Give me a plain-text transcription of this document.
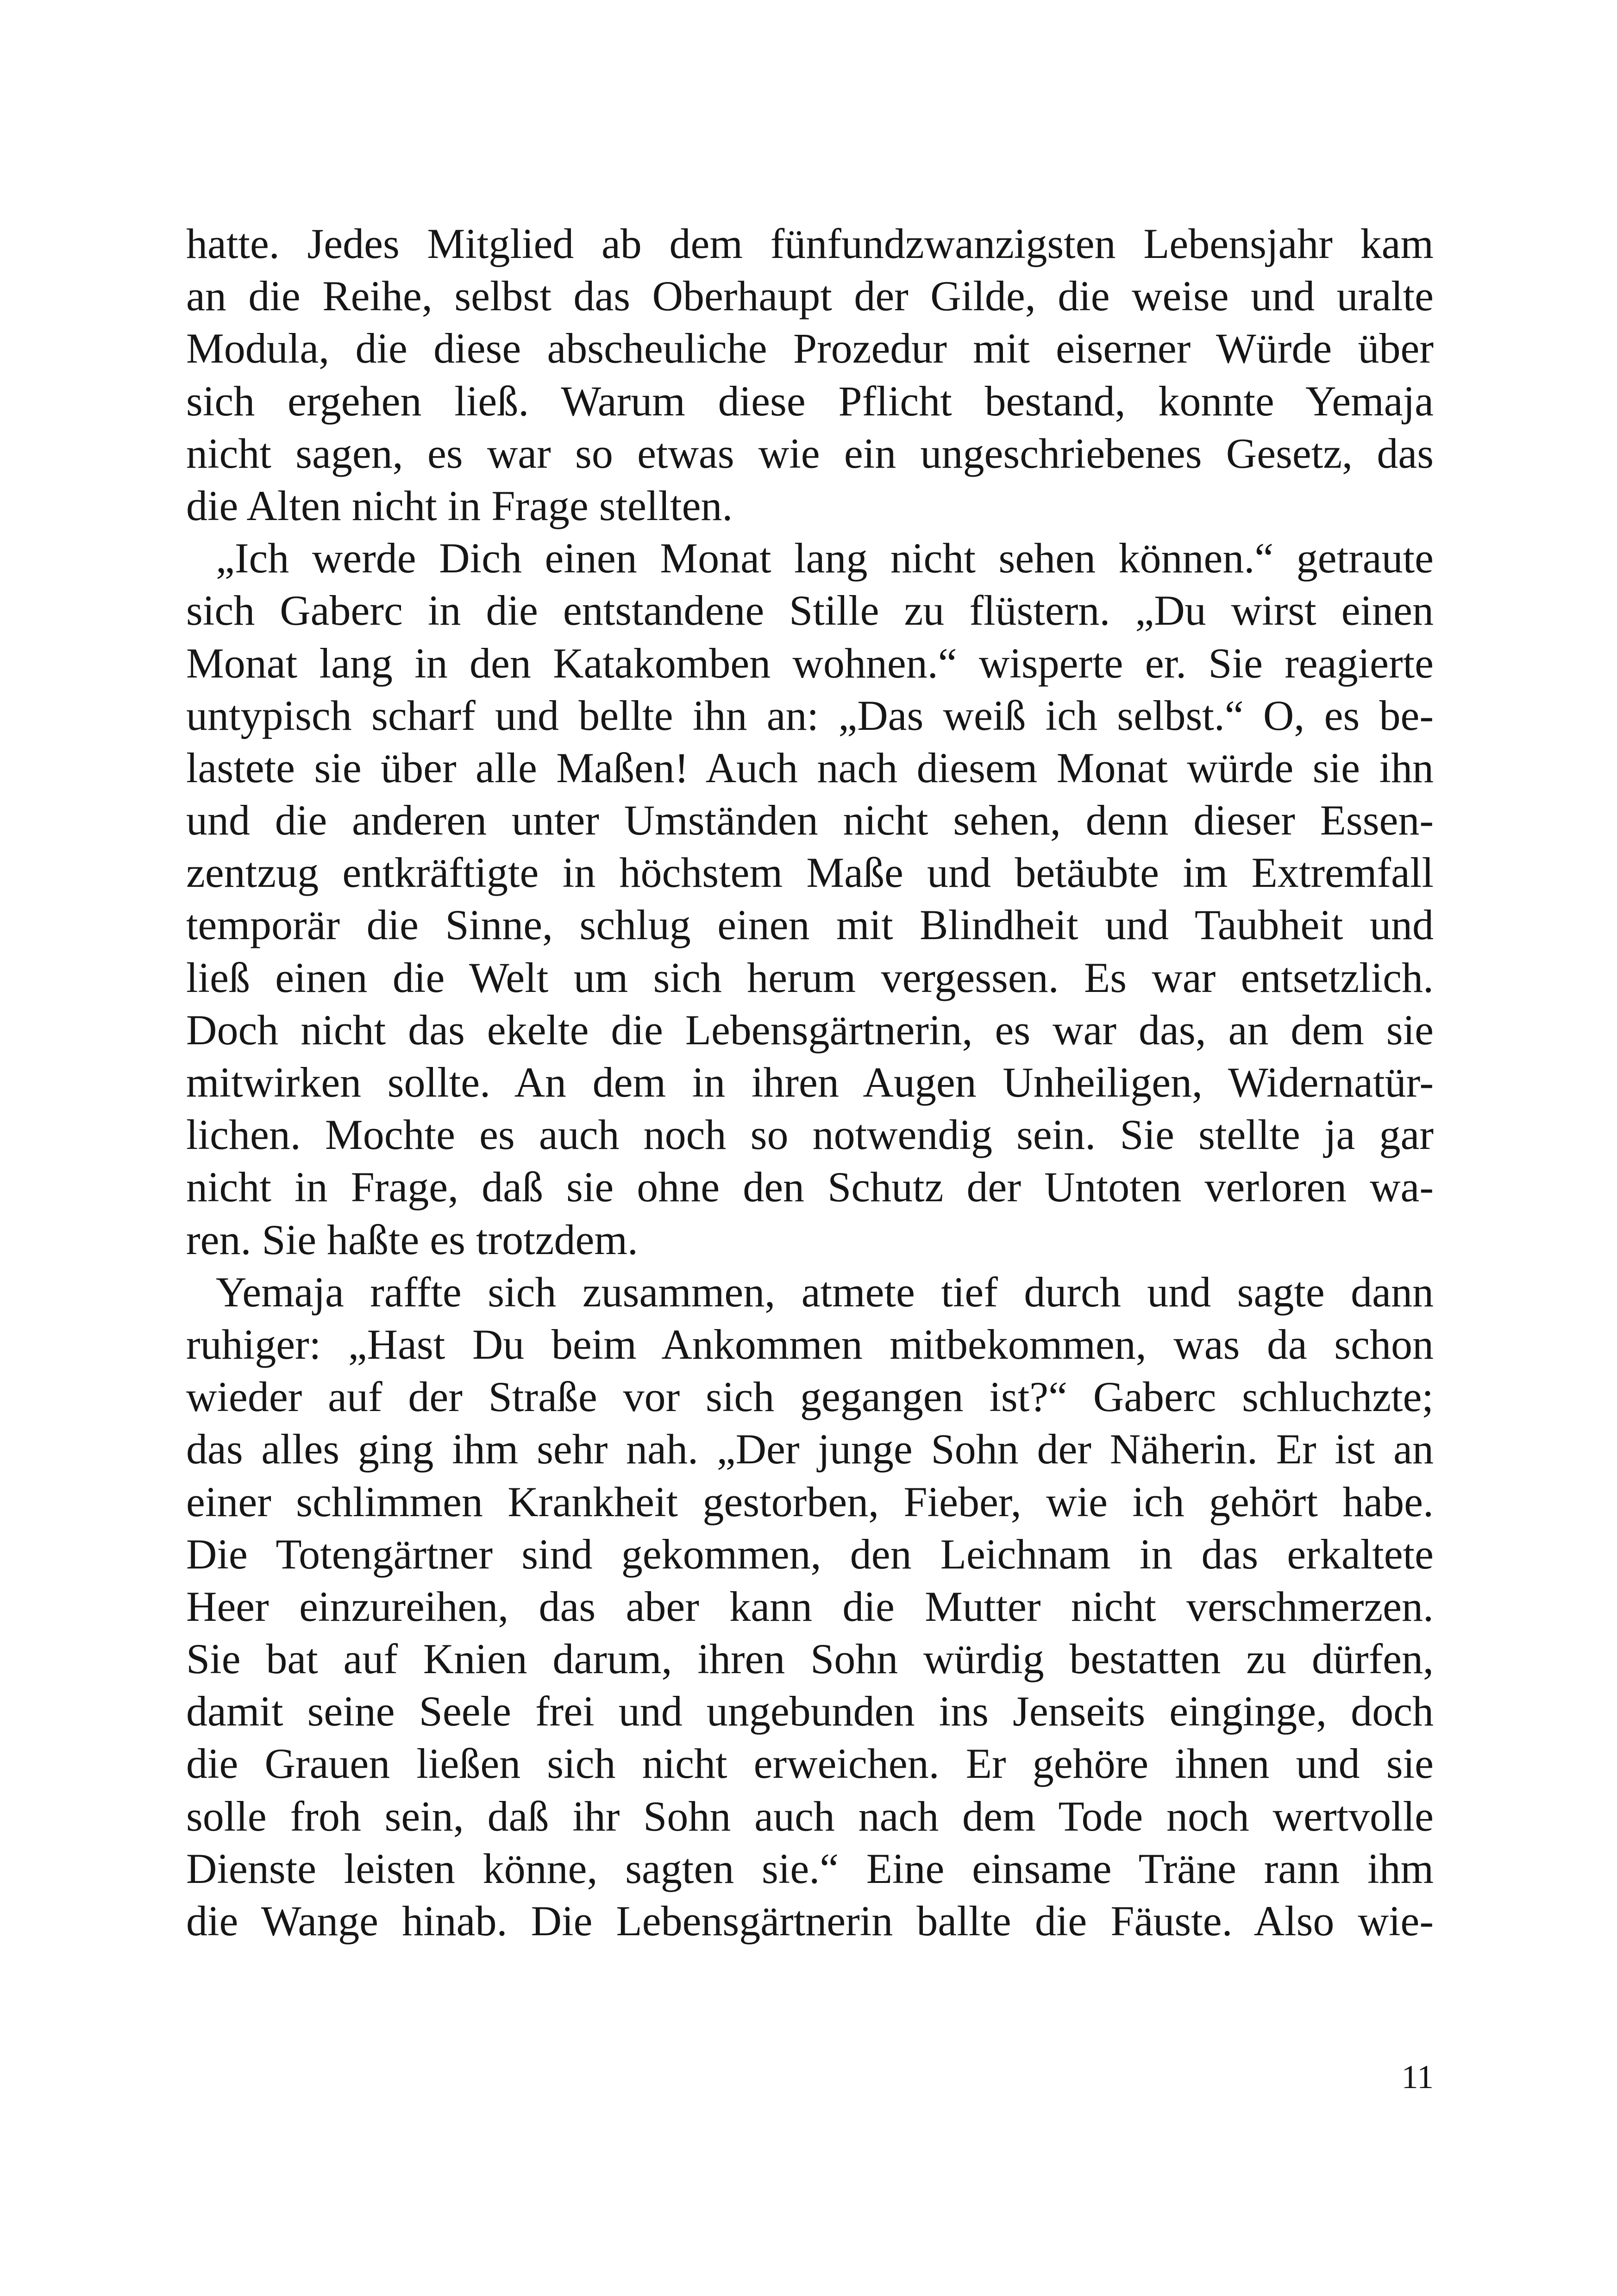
hatte. Jedes Mitglied ab dem fünfundzwanzigsten Lebensjahr kam
an die Reihe, selbst das Oberhaupt der Gilde, die weise und uralte
Modula, die diese abscheuliche Prozedur mit eiserner Würde über
sich ergehen ließ. Warum diese Pflicht bestand, konnte Yemaja
nicht sagen, es war so etwas wie ein ungeschriebenes Gesetz, das
die Alten nicht in Frage stellten.
„Ich werde Dich einen Monat lang nicht sehen können.“ getraute
sich Gaberc in die entstandene Stille zu flüstern. „Du wirst einen
Monat lang in den Katakomben wohnen.“ wisperte er. Sie reagierte
untypisch scharf und bellte ihn an: „Das weiß ich selbst.“ O, es be-
lastete sie über alle Maßen! Auch nach diesem Monat würde sie ihn
und die anderen unter Umständen nicht sehen, denn dieser Essen-
zentzug entkräftigte in höchstem Maße und betäubte im Extremfall
temporär die Sinne, schlug einen mit Blindheit und Taubheit und
ließ einen die Welt um sich herum vergessen. Es war entsetzlich.
Doch nicht das ekelte die Lebensgärtnerin, es war das, an dem sie
mitwirken sollte. An dem in ihren Augen Unheiligen, Widernatür-
lichen. Mochte es auch noch so notwendig sein. Sie stellte ja gar
nicht in Frage, daß sie ohne den Schutz der Untoten verloren wa-
ren. Sie haßte es trotzdem.
Yemaja raffte sich zusammen, atmete tief durch und sagte dann
ruhiger: „Hast Du beim Ankommen mitbekommen, was da schon
wieder auf der Straße vor sich gegangen ist?“ Gaberc schluchzte;
das alles ging ihm sehr nah. „Der junge Sohn der Näherin. Er ist an
einer schlimmen Krankheit gestorben, Fieber, wie ich gehört habe.
Die Totengärtner sind gekommen, den Leichnam in das erkaltete
Heer einzureihen, das aber kann die Mutter nicht verschmerzen.
Sie bat auf Knien darum, ihren Sohn würdig bestatten zu dürfen,
damit seine Seele frei und ungebunden ins Jenseits einginge, doch
die Grauen ließen sich nicht erweichen. Er gehöre ihnen und sie
solle froh sein, daß ihr Sohn auch nach dem Tode noch wertvolle
Dienste leisten könne, sagten sie.“ Eine einsame Träne rann ihm
die Wange hinab. Die Lebensgärtnerin ballte die Fäuste. Also wie-
11
